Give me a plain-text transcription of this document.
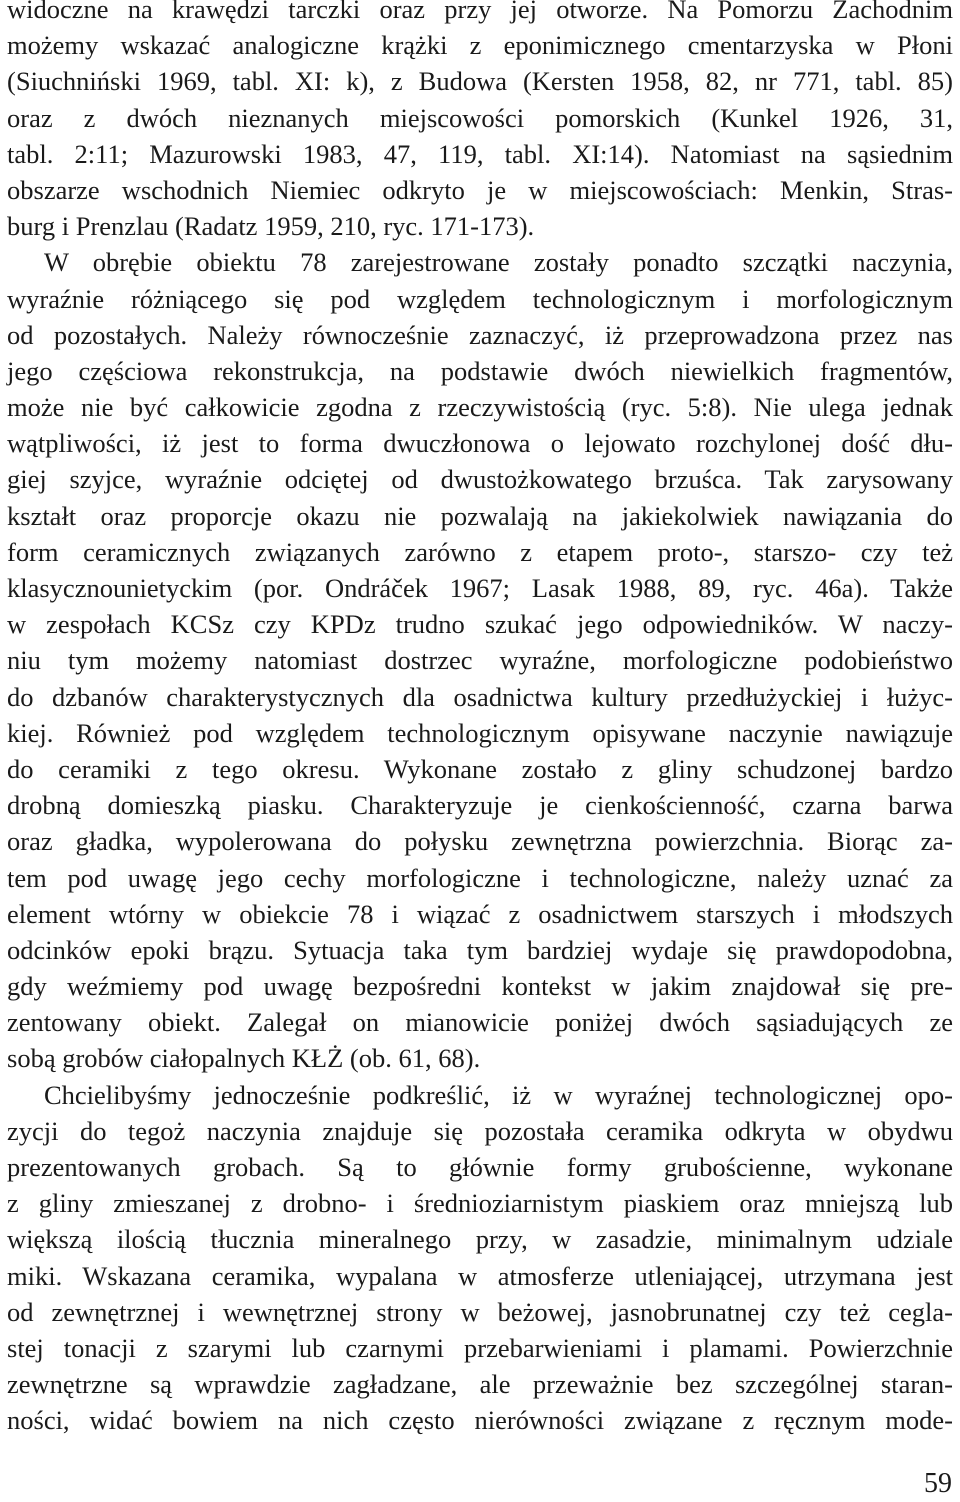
widoczne na krawędzi tarczki oraz przy jej otworze. Na Pomorzu Zachodnim
możemy wskazać analogiczne krążki z eponimicznego cmentarzyska w Płoni
(Siuchniński 1969, tabl. XI: k), z Budowa (Kersten 1958, 82, nr 771, tabl. 85)
oraz z dwóch nieznanych miejscowości pomorskich (Kunkel 1926, 31,
tabl. 2:11; Mazurowski 1983, 47, 119, tabl. XI:14). Natomiast na sąsiednim
obszarze wschodnich Niemiec odkryto je w miejscowościach: Menkin, Stras-
burg i Prenzlau (Radatz 1959, 210, ryc. 171-173).
W obrębie obiektu 78 zarejestrowane zostały ponadto szczątki naczynia,
wyraźnie różniącego się pod względem technologicznym i morfologicznym
od pozostałych. Należy równocześnie zaznaczyć, iż przeprowadzona przez nas
jego częściowa rekonstrukcja, na podstawie dwóch niewielkich fragmentów,
może nie być całkowicie zgodna z rzeczywistością (ryc. 5:8). Nie ulega jednak
wątpliwości, iż jest to forma dwuczłonowa o lejowato rozchylonej dość dłu-
giej szyjce, wyraźnie odciętej od dwustożkowatego brzuśca. Tak zarysowany
kształt oraz proporcje okazu nie pozwalają na jakiekolwiek nawiązania do
form ceramicznych związanych zarówno z etapem proto-, starszo- czy też
klasycznounietyckim (por. Ondráček 1967; Lasak 1988, 89, ryc. 46a). Także
w zespołach KCSz czy KPDz trudno szukać jego odpowiedników. W naczy-
niu tym możemy natomiast dostrzec wyraźne, morfologiczne podobieństwo
do dzbanów charakterystycznych dla osadnictwa kultury przedłużyckiej i łużyc-
kiej. Również pod względem technologicznym opisywane naczynie nawiązuje
do ceramiki z tego okresu. Wykonane zostało z gliny schudzonej bardzo
drobną domieszką piasku. Charakteryzuje je cienkościenność, czarna barwa
oraz gładka, wypolerowana do połysku zewnętrzna powierzchnia. Biorąc za-
tem pod uwagę jego cechy morfologiczne i technologiczne, należy uznać za
element wtórny w obiekcie 78 i wiązać z osadnictwem starszych i młodszych
odcinków epoki brązu. Sytuacja taka tym bardziej wydaje się prawdopodobna,
gdy weźmiemy pod uwagę bezpośredni kontekst w jakim znajdował się pre-
zentowany obiekt. Zalegał on mianowicie poniżej dwóch sąsiadujących ze
sobą grobów ciałopalnych KŁŻ (ob. 61, 68).
Chcielibyśmy jednocześnie podkreślić, iż w wyraźnej technologicznej opo-
zycji do tegoż naczynia znajduje się pozostała ceramika odkryta w obydwu
prezentowanych grobach. Są to głównie formy grubościenne, wykonane
z gliny zmieszanej z drobno- i średnioziarnistym piaskiem oraz mniejszą lub
większą ilością tłucznia mineralnego przy, w zasadzie, minimalnym udziale
miki. Wskazana ceramika, wypalana w atmosferze utleniającej, utrzymana jest
od zewnętrznej i wewnętrznej strony w beżowej, jasnobrunatnej czy też cegla-
stej tonacji z szarymi lub czarnymi przebarwieniami i plamami. Powierzchnie
zewnętrzne są wprawdzie zagładzane, ale przeważnie bez szczególnej staran-
ności, widać bowiem na nich często nierówności związane z ręcznym mode-
59
